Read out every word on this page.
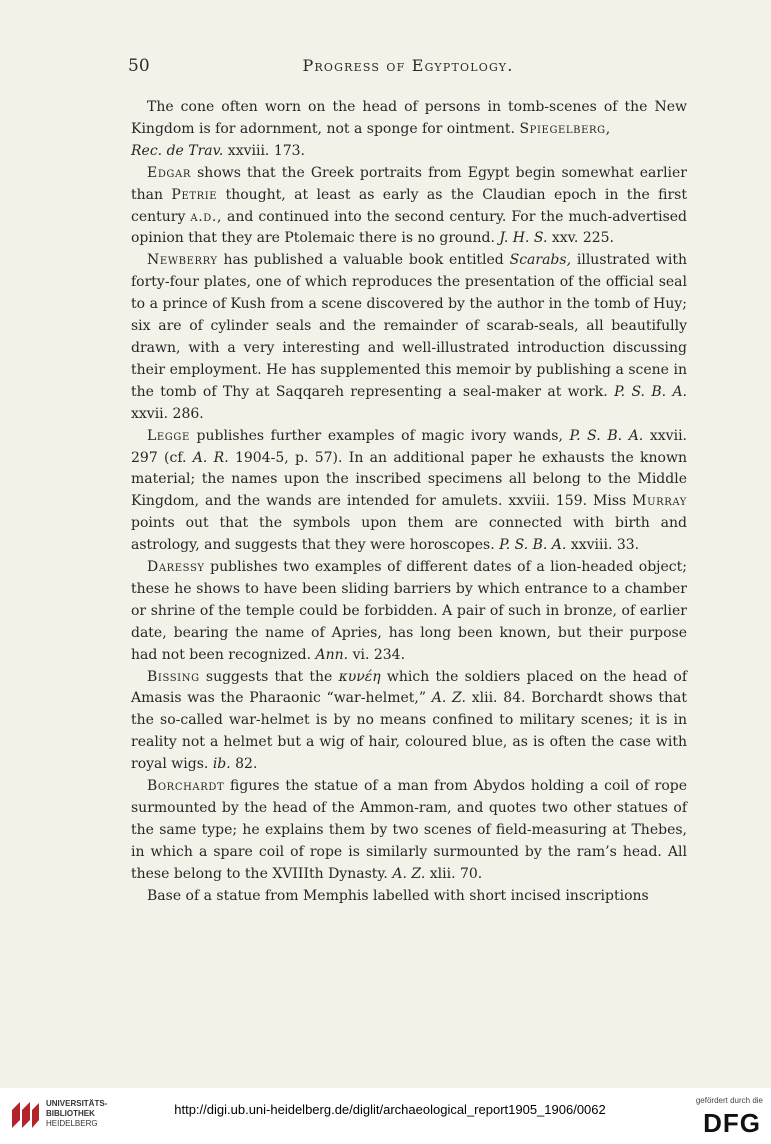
50	Progress of Egyptology.

The cone often worn on the head of persons in tomb-scenes of the New Kingdom is for adornment, not a sponge for ointment. Spiegelberg,
Rec. de Trav. xxviii. 173.

Edgar shows that the Greek portraits from Egypt begin somewhat earlier than Petrie thought, at least as early as the Claudian epoch in the first century a.d., and continued into the second century. For the much-advertised opinion that they are Ptolemaic there is no ground. J. H. S. xxv. 225.

Newberry has published a valuable book entitled Scarabs, illustrated with forty-four plates, one of which reproduces the presentation of the official seal to a prince of Kush from a scene discovered by the author in the tomb of Huy; six are of cylinder seals and the remainder of scarab-seals, all beautifully drawn, with a very interesting and well-illustrated introduction discussing their employment. He has supplemented this memoir by publishing a scene in the tomb of Thy at Saqqareh representing a seal-maker at work. P. S. B. A. xxvii. 286.

Legge publishes further examples of magic ivory wands, P. S. B. A. xxvii. 297 (cf. A. R. 1904-5, p. 57). In an additional paper he exhausts the known material; the names upon the inscribed specimens all belong to the Middle Kingdom, and the wands are intended for amulets. xxviii. 159. Miss Murray points out that the symbols upon them are connected with birth and astrology, and suggests that they were horoscopes. P. S. B. A. xxviii. 33.

Daressy publishes two examples of different dates of a lion-headed object; these he shows to have been sliding barriers by which entrance to a chamber or shrine of the temple could be forbidden. A pair of such in bronze, of earlier date, bearing the name of Apries, has long been known, but their purpose had not been recognized. Ann. vi. 234.

Bissing suggests that the κυνέη which the soldiers placed on the head of Amasis was the Pharaonic “war-helmet,” A. Z. xlii. 84. Borchardt shows that the so-called war-helmet is by no means confined to military scenes; it is in reality not a helmet but a wig of hair, coloured blue, as is often the case with royal wigs. ib. 82.

Borchardt figures the statue of a man from Abydos holding a coil of rope surmounted by the head of the Ammon-ram, and quotes two other statues of the same type; he explains them by two scenes of field-measuring at Thebes, in which a spare coil of rope is similarly surmounted by the ram’s head. All these belong to the XVIIIth Dynasty. A. Z. xlii. 70.

Base of a statue from Memphis labelled with short incised inscriptions

UNIVERSITÄTS-
BIBLIOTHEK
HEIDELBERG
http://digi.ub.uni-heidelberg.de/diglit/archaeological_report1905_1906/0062
gefördert durch die
DFG
